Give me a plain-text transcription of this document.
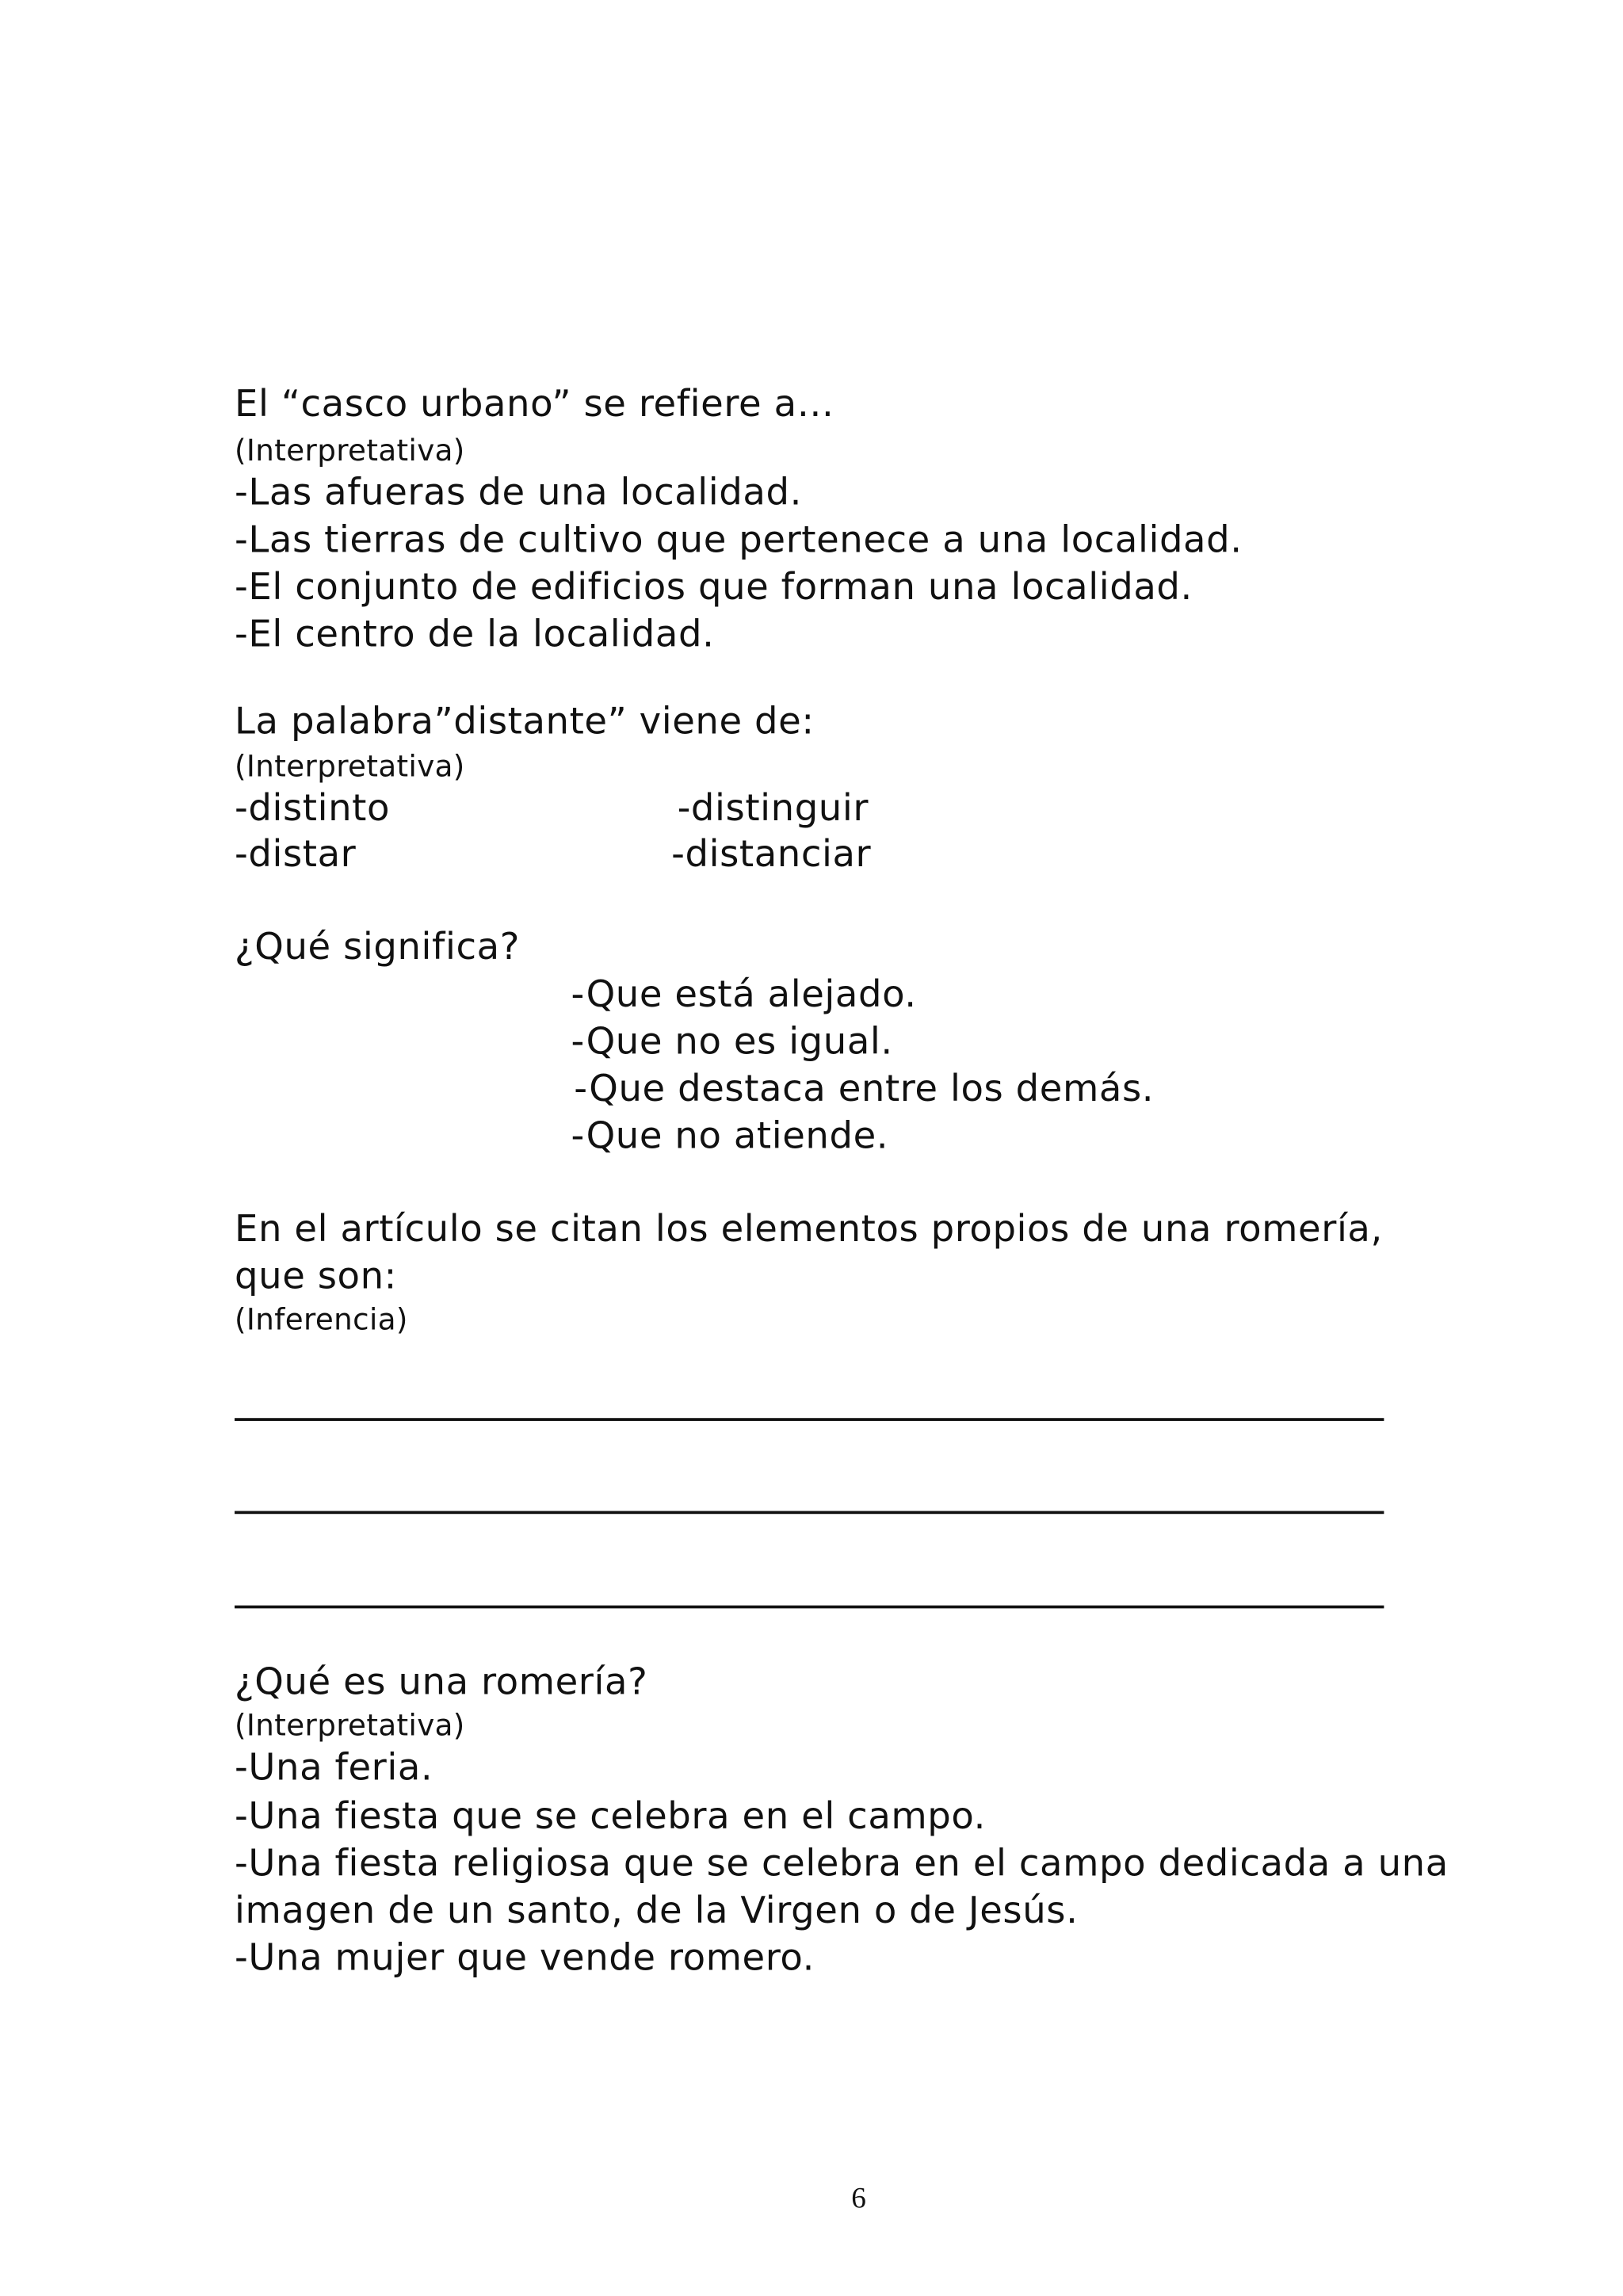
El “casco urbano” se refiere a…
(Interpretativa)
-Las afueras de una localidad.
-Las tierras de cultivo que pertenece a una localidad.
-El conjunto de edificios que forman una localidad.
-El centro de la localidad.
La palabra”distante” viene de:
(Interpretativa)
-distinto	-distinguir
-distar	-distanciar
¿Qué significa?
-Que está alejado.
-Que no es igual.
-Que destaca entre los demás.
-Que no atiende.
En el artículo se citan los elementos propios de una romería,
que son:
(Inferencia)
¿Qué es una romería?
(Interpretativa)
-Una feria.
-Una fiesta que se celebra en el campo.
-Una fiesta religiosa que se celebra en el campo dedicada a una
imagen de un santo, de la Virgen o de Jesús.
-Una mujer que vende romero.
6
